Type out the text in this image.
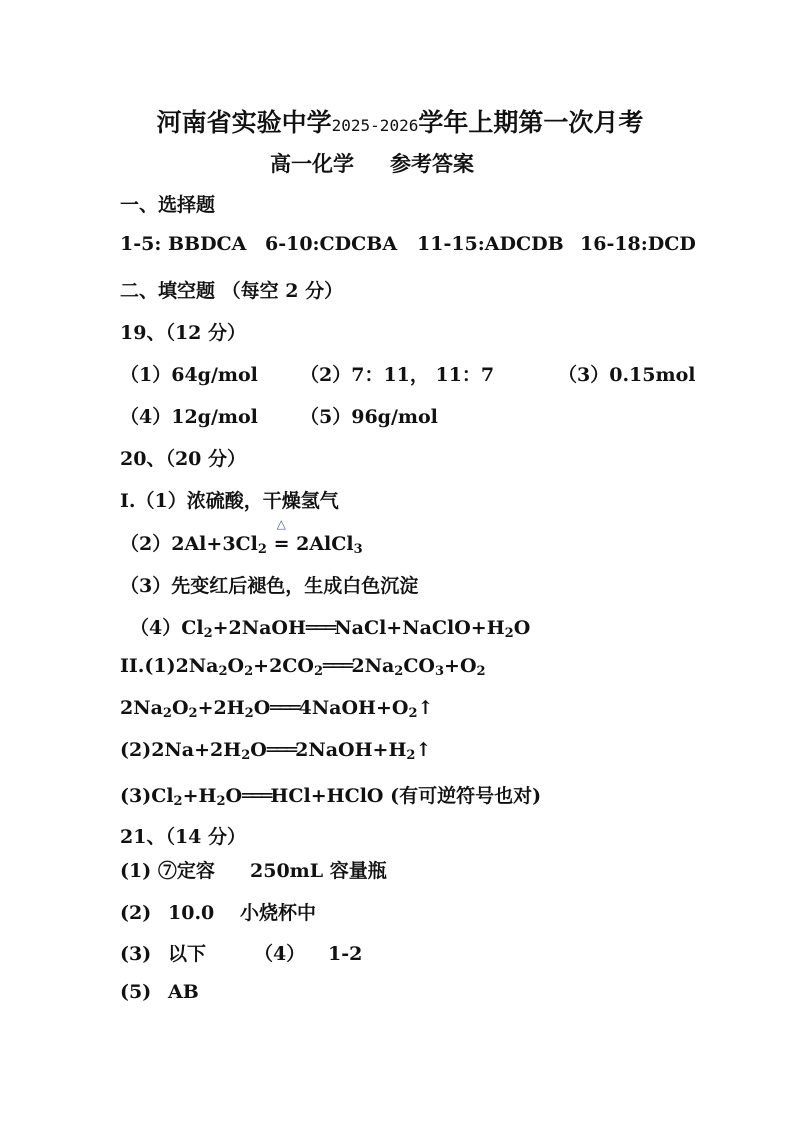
河南省实验中学2025-2026学年上期第一次月考
高一化学 参考答案
一、选择题
1-5: BBDCA 6-10:CDCBA 11-15:ADCDB 16-18:DCD
二、填空题 （每空 2 分）
19、（12 分）
（1）64g/mol （2）7：11， 11：7	（3）0.15mol
（4）12g/mol （5）96g/mol
20、（20 分）
I.（1）浓硫酸，干燥氢气
$(2)2Al+3Cl_2$ =
△
2AlCl$_3$
（3）先变红后褪色，生成白色沉淀
$(4)Cl_2+2NaOH═══NaCl+NaClO+H_2O$
$II.(1)2Na_2O_2+2CO_2═══2Na_2CO_3+O_2$
$2Na_2O_2+2H_2O═══4NaOH+O_2↑$
$(2)2Na+2H_2O═══2NaOH+H_2↑$
$(3)Cl_2+H_2O═══HCl+HClO$ (有可逆符号也对)
21、（14 分）
(1) ⑦定容 250mL 容量瓶
(2) 10.0 小烧杯中
(3) 以下	（4） 1-2
(5) AB
